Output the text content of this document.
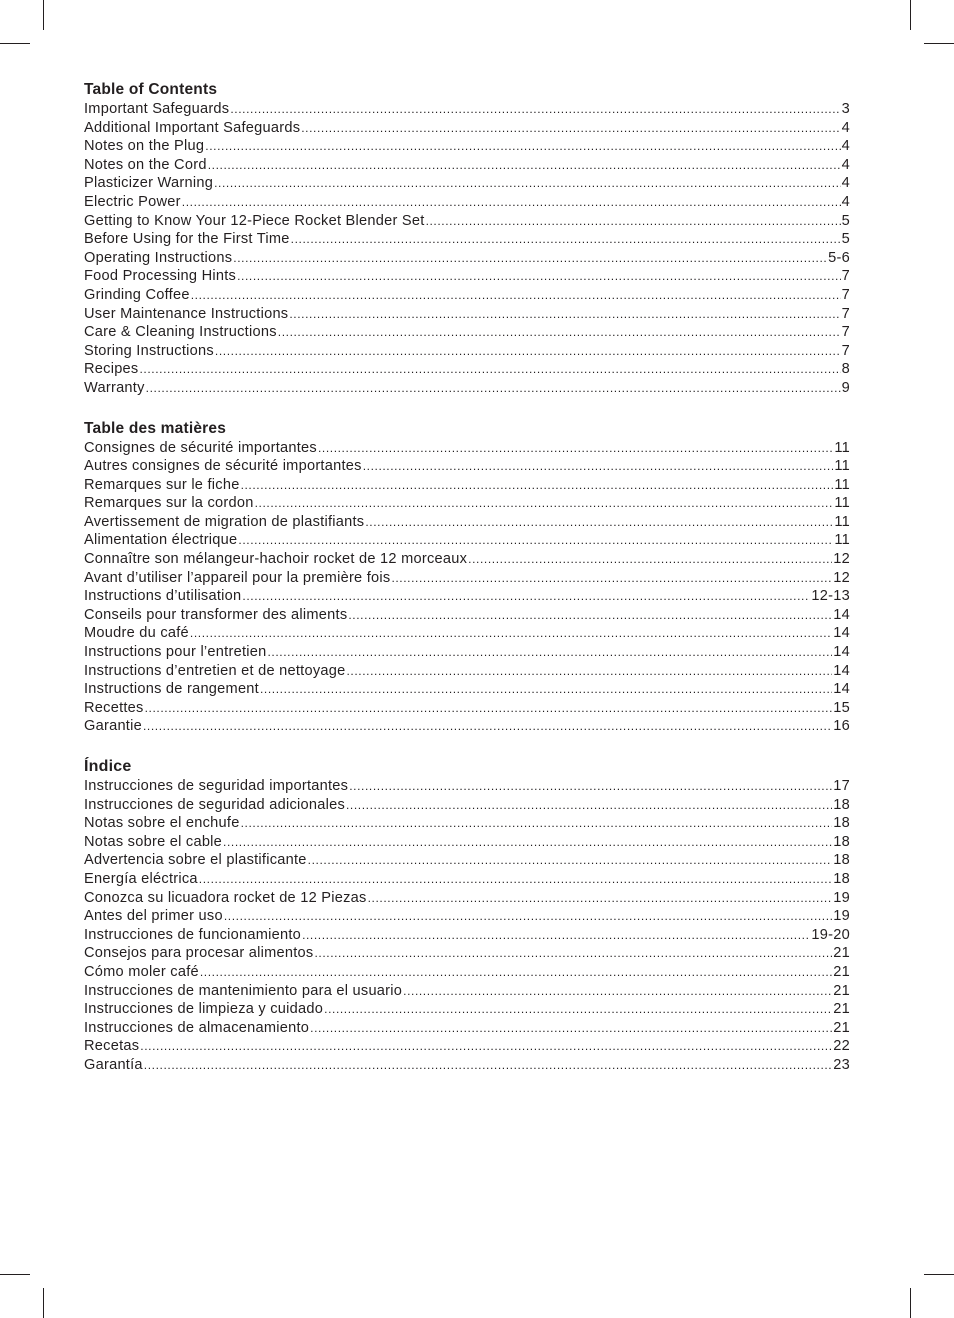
Table of Contents
Important Safeguards .....	3
Additional Important Safeguards .....	4
Notes on the Plug .....	4
Notes on the Cord .....	4
Plasticizer Warning .....	4
Electric Power .....	4
Getting to Know Your 12-Piece Rocket Blender Set .....	5
Before Using for the First Time .....	5
Operating Instructions .....	5-6
Food Processing Hints .....	7
Grinding Coffee .....	7
User Maintenance Instructions .....	7
Care & Cleaning Instructions .....	7
Storing Instructions .....	7
Recipes .....	8
Warranty .....	9
Table des matières
Consignes de sécurité importantes .....	11
Autres consignes de sécurité importantes .....	11
Remarques sur le fiche .....	11
Remarques sur la cordon .....	11
Avertissement de migration de plastifiants .....	11
Alimentation électrique .....	11
Connaître son mélangeur-hachoir rocket de 12 morceaux .....	12
Avant d’utiliser l’appareil pour la première fois .....	12
Instructions d’utilisation .....	12-13
Conseils pour transformer des aliments .....	14
Moudre du café .....	14
Instructions pour l’entretien .....	14
Instructions d’entretien et de nettoyage .....	14
Instructions de rangement .....	14
Recettes .....	15
Garantie .....	16
Índice
Instrucciones de seguridad importantes .....	17
Instrucciones de seguridad adicionales .....	18
Notas sobre el enchufe .....	18
Notas sobre el cable .....	18
Advertencia sobre el plastificante .....	18
Energía eléctrica .....	18
Conozca su licuadora rocket de 12 Piezas .....	19
Antes del primer uso .....	19
Instrucciones de funcionamiento .....	19-20
Consejos para procesar alimentos .....	21
Cómo moler café .....	21
Instrucciones de mantenimiento para el usuario .....	21
Instrucciones de limpieza y cuidado .....	21
Instrucciones de almacenamiento .....	21
Recetas .....	22
Garantía .....	23
